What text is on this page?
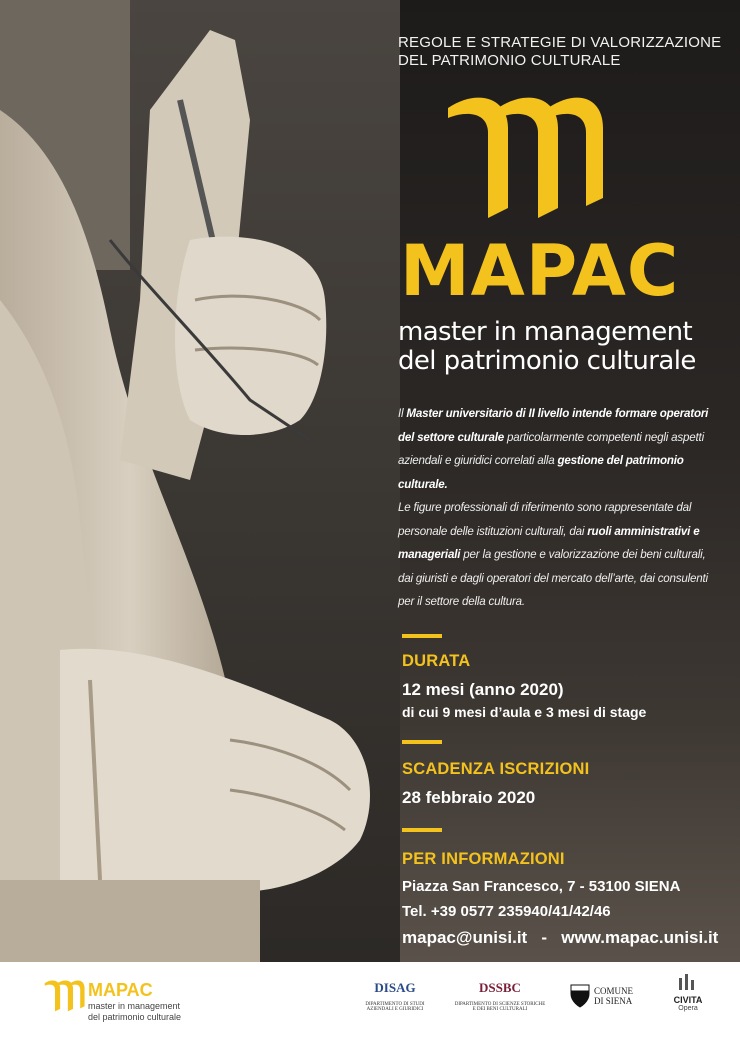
REGOLE E STRATEGIE DI VALORIZZAZIONE
DEL PATRIMONIO CULTURALE
MAPAC
master in management
del patrimonio culturale
Il Master universitario di II livello intende formare operatori del settore culturale particolarmente competenti negli aspetti aziendali e giuridici correlati alla gestione del patrimonio culturale.
Le figure professionali di riferimento sono rappresentate dal personale delle istituzioni culturali, dai ruoli amministrativi e manageriali per la gestione e valorizzazione dei beni culturali, dai giuristi e dagli operatori del mercato dell’arte, dai consulenti per il settore della cultura.
DURATA
12 mesi (anno 2020)
di cui 9 mesi d’aula e 3 mesi di stage
SCADENZA ISCRIZIONI
28 febbraio 2020
PER INFORMAZIONI
Piazza San Francesco, 7 - 53100 SIENA
Tel. +39 0577 235940/41/42/46
mapac@unisi.it   -   www.mapac.unisi.it
MAPAC
master in management
del patrimonio culturale
DISAG
DIPARTIMENTO DI STUDI
AZIENDALI E GIURIDICI
DSSBC
DIPARTIMENTO DI SCIENZE STORICHE
E DEI BENI CULTURALI
COMUNE
DI SIENA	CIVITA
Opera
